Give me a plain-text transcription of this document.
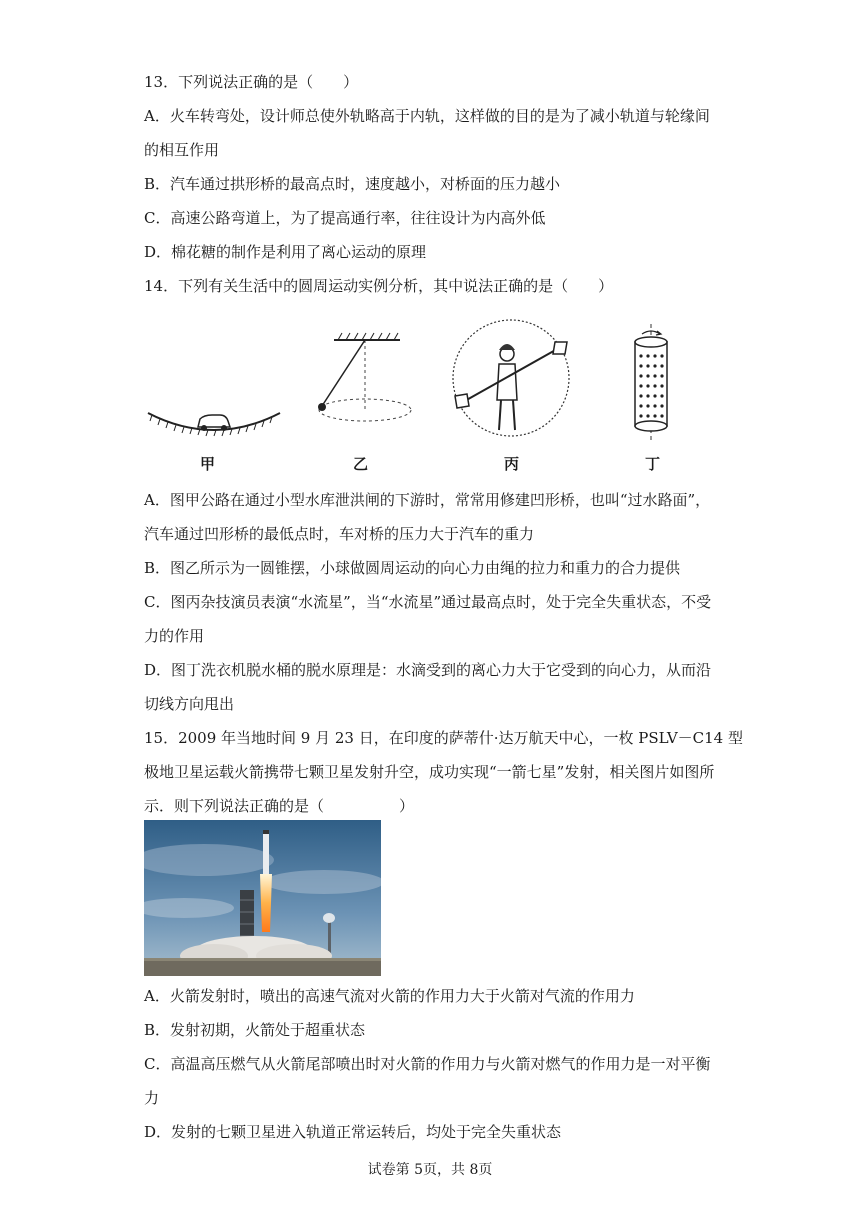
13．下列说法正确的是（　　）
A．火车转弯处，设计师总使外轨略高于内轨，这样做的目的是为了减小轨道与轮缘间
的相互作用
B．汽车通过拱形桥的最高点时，速度越小，对桥面的压力越小
C．高速公路弯道上，为了提高通行率，往往设计为内高外低
D．棉花糖的制作是利用了离心运动的原理
14．下列有关生活中的圆周运动实例分析，其中说法正确的是（　　）
甲	乙	丙	丁
A．图甲公路在通过小型水库泄洪闸的下游时，常常用修建凹形桥，也叫“过水路面”，
汽车通过凹形桥的最低点时，车对桥的压力大于汽车的重力
B．图乙所示为一圆锥摆，小球做圆周运动的向心力由绳的拉力和重力的合力提供
C．图丙杂技演员表演“水流星”，当“水流星”通过最高点时，处于完全失重状态，不受
力的作用
D．图丁洗衣机脱水桶的脱水原理是：水滴受到的离心力大于它受到的向心力，从而沿
切线方向甩出
15．2009 年当地时间 9 月 23 日，在印度的萨蒂什·达万航天中心，一枚 PSLV－C14 型
极地卫星运载火箭携带七颗卫星发射升空，成功实现“一箭七星”发射，相关图片如图所
示．则下列说法正确的是（　　　　　）
A．火箭发射时，喷出的高速气流对火箭的作用力大于火箭对气流的作用力
B．发射初期，火箭处于超重状态
C．高温高压燃气从火箭尾部喷出时对火箭的作用力与火箭对燃气的作用力是一对平衡
力
D．发射的七颗卫星进入轨道正常运转后，均处于完全失重状态
试卷第 5页，共 8页
